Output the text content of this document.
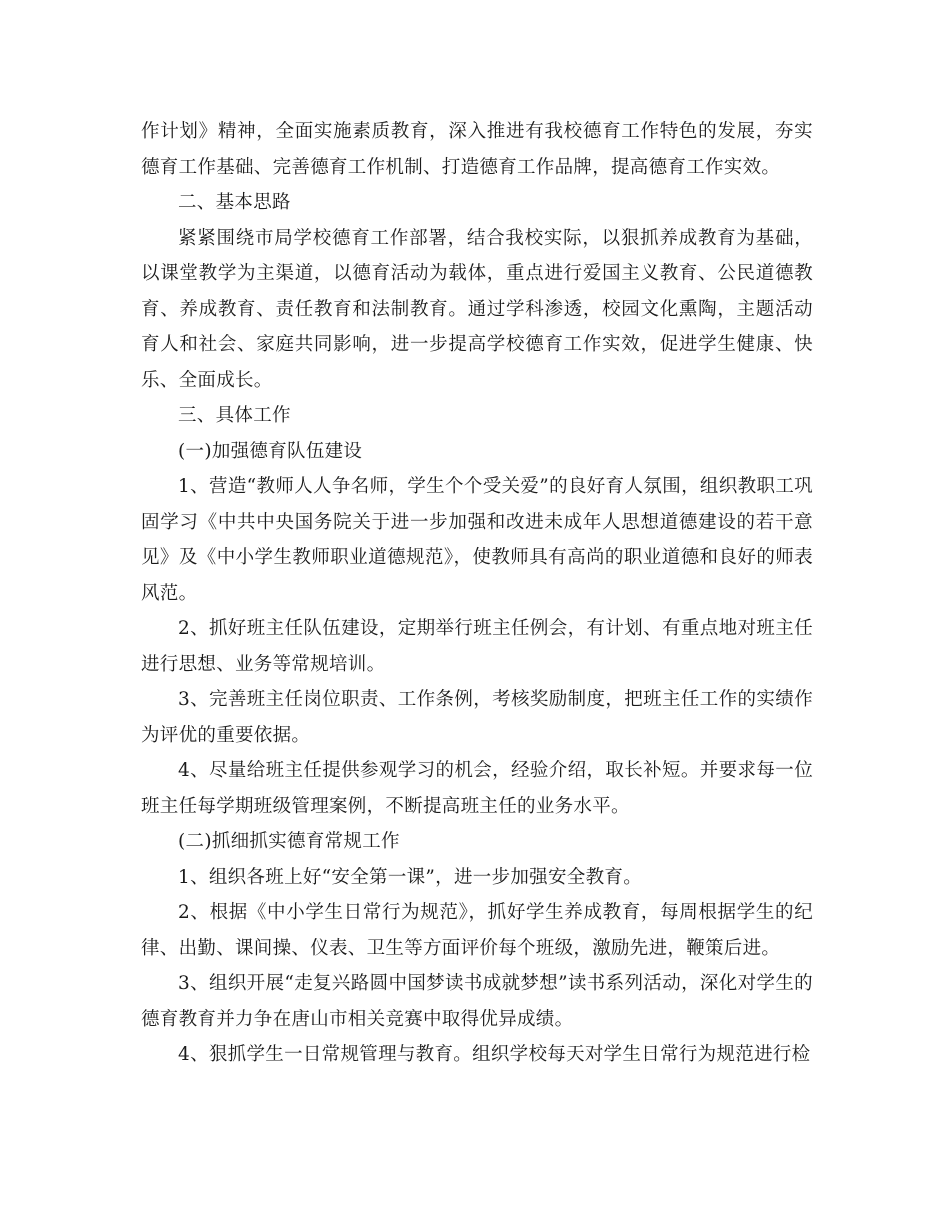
作计划》精神，全面实施素质教育，深入推进有我校德育工作特色的发展，夯实德育工作基础、完善德育工作机制、打造德育工作品牌，提高德育工作实效。

二、基本思路

紧紧围绕市局学校德育工作部署，结合我校实际，以狠抓养成教育为基础，以课堂教学为主渠道，以德育活动为载体，重点进行爱国主义教育、公民道德教育、养成教育、责任教育和法制教育。通过学科渗透，校园文化熏陶，主题活动育人和社会、家庭共同影响，进一步提高学校德育工作实效，促进学生健康、快乐、全面成长。

三、具体工作

(一)加强德育队伍建设

1、营造“教师人人争名师，学生个个受关爱”的良好育人氛围，组织教职工巩固学习《中共中央国务院关于进一步加强和改进未成年人思想道德建设的若干意见》及《中小学生教师职业道德规范》，使教师具有高尚的职业道德和良好的师表风范。

2、抓好班主任队伍建设，定期举行班主任例会，有计划、有重点地对班主任进行思想、业务等常规培训。

3、完善班主任岗位职责、工作条例，考核奖励制度，把班主任工作的实绩作为评优的重要依据。

4、尽量给班主任提供参观学习的机会，经验介绍，取长补短。并要求每一位班主任每学期班级管理案例，不断提高班主任的业务水平。

(二)抓细抓实德育常规工作

1、组织各班上好“安全第一课”，进一步加强安全教育。

2、根据《中小学生日常行为规范》，抓好学生养成教育，每周根据学生的纪律、出勤、课间操、仪表、卫生等方面评价每个班级，激励先进，鞭策后进。

3、组织开展“走复兴路圆中国梦读书成就梦想”读书系列活动，深化对学生的德育教育并力争在唐山市相关竞赛中取得优异成绩。

4、狠抓学生一日常规管理与教育。组织学校每天对学生日常行为规范进行检
